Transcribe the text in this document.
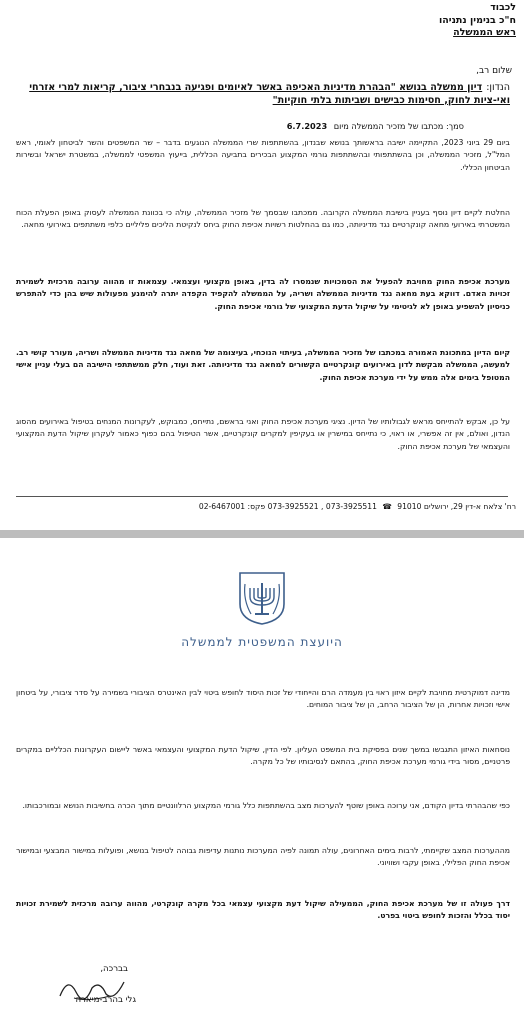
לכבוד
ח"כ בנימין נתניהו
ראש הממשלה
שלום רב,
הנדון:דיון ממשלה בנושא "הבהרת מדיניות האכיפה באשר לאיומים ופגיעה בנבחרי ציבור, קריאות למרי אזרחי ואי-ציות לחוק, חסימות כבישים ושביתות בלתי חוקיות"
סמך: מכתבו של מזכיר הממשלה מיום 6.7.2023
ביום 29 ביוני 2023, התקיימה ישיבה בראשותך בנושא שבנדון, בהשתתפות שרי הממשלה הנוגעים בדבר – שר המשפטים והשר לביטחון לאומי, ראש המל"ל, מזכיר הממשלה, וכן בהשתתפותי ובהשתתפות גורמי המקצוע הבכירים בתביעה הכללית, בייעוץ המשפטי לממשלה, במשטרת ישראל ובשירות הביטחון הכללי.
החלטת לקיים דיון נוסף בעניין בישיבת הממשלה הקרובה. ממכתבו שבסמך של מזכיר הממשלה, עולה כי בכוונת הממשלה לעסוק באופן הפעלת הכוח המשטרתי באירועי מחאה קונקרטיים נגד מדיניותה, כמו גם בהחלטות רשויות אכיפת החוק ביחס לנקיטת הליכים פליליים כלפי משתתפים באירועי מחאה.
מערכת אכיפת החוק מחויבת להפעיל את הסמכויות שנמסרו לה בדין, באופן מקצועי ועצמאי. עצמאות זו מהווה ערובה מרכזית לשמירת זכויות האדם. דווקא בעת מחאה נגד מדיניות הממשלה ושריה, על הממשלה להקפיד הקפדה יתרה להימנע מפעולות שיש בהן כדי להתפרש כניסיון להשפיע באופן לא לגיטימי על שיקול הדעת המקצועי של גורמי אכיפת החוק.
קיום הדיון במתכונת האמורה במכתבו של מזכיר הממשלה, בעיתוי הנוכחי, בעיצומה של מחאה נגד מדיניות הממשלה ושריה, מעורר קושי רב. למעשה, הממשלה מבקשת לדון באירועים קונקרטיים הקשורים למחאה נגד מדיניותה. זאת ועוד, חלק ממשתתפי הישיבה הם בעלי עניין אישי המטופל בימים אלה ממש על ידי מערכת אכיפת החוק.
על כן, אבקש להתייחס מראש לגבולותיו של הדיון. נציגי מערכת אכיפת החוק ואני בראשם, נתייחס, כמבוקש, לעקרונות המנחים בטיפול באירועים מהסוג הנדון, ואולם, אין זה אפשרי, או ראוי, כי נתייחס במישרין או בעקיפין למקרים קונקרטיים, אשר הטיפול בהם כפוף כאמור לעקרון שיקול הדעת המקצועי והעצמאי של מערכת אכיפת החוק.
רח' צלאח א-דין 29, ירושלים 91010 ☎ 073-3925511 , 073-3925521 פקס: 02-6467001
היועצת המשפטית לממשלה
מדינה דמוקרטית מחויבת לקיים איזון ראוי בין מעמדה הרם והייחודי של זכות היסוד לחופש ביטוי לבין האינטרס הציבורי בשמירה על סדר ציבורי, על ביטחון אישי וזכויות אחרות, הן של הציבור הרחב, הן של ציבור המוחים.
נוסחאות האיזון התגבשו במשך שנים בפסיקת בית המשפט העליון. לפי הדין, שיקול הדעת המקצועי והעצמאי באשר ליישום העקרונות הכלליים במקרים פרטניים, מסור בידי גורמי מערכת אכיפת החוק, בהתאם לנסיבותיו של כל מקרה.
כפי שהבהרתי בדיון הקודם, אני ערוכה באופן שוטף להערכות מצב בהשתתפות כלל גורמי המקצוע הרלוונטיים מתוך הכרה בחשיבות הנושא ובמורכבותו.
מההערכות המצב שקיימתי, לרבות בימים האחרונים, עולה תמונה לפיה המערכות נותנות עדיפות גבוהה לטיפול בנושא, ופועלות במישור המבצעי ובמישור אכיפת החוק הפלילי, באופן עקבי ושוויוני.
דרך פעולה זו של מערכת אכיפת החוק, הממעילה שיקול דעת מקצועי עצמאי בכל מקרה קונקרטי, מהווה ערובה מרכזית לשמירת זכויות יסוד בכלל והזכות לחופש ביטוי בפרט.
בברכה,
גלי בהרב-מיארה
